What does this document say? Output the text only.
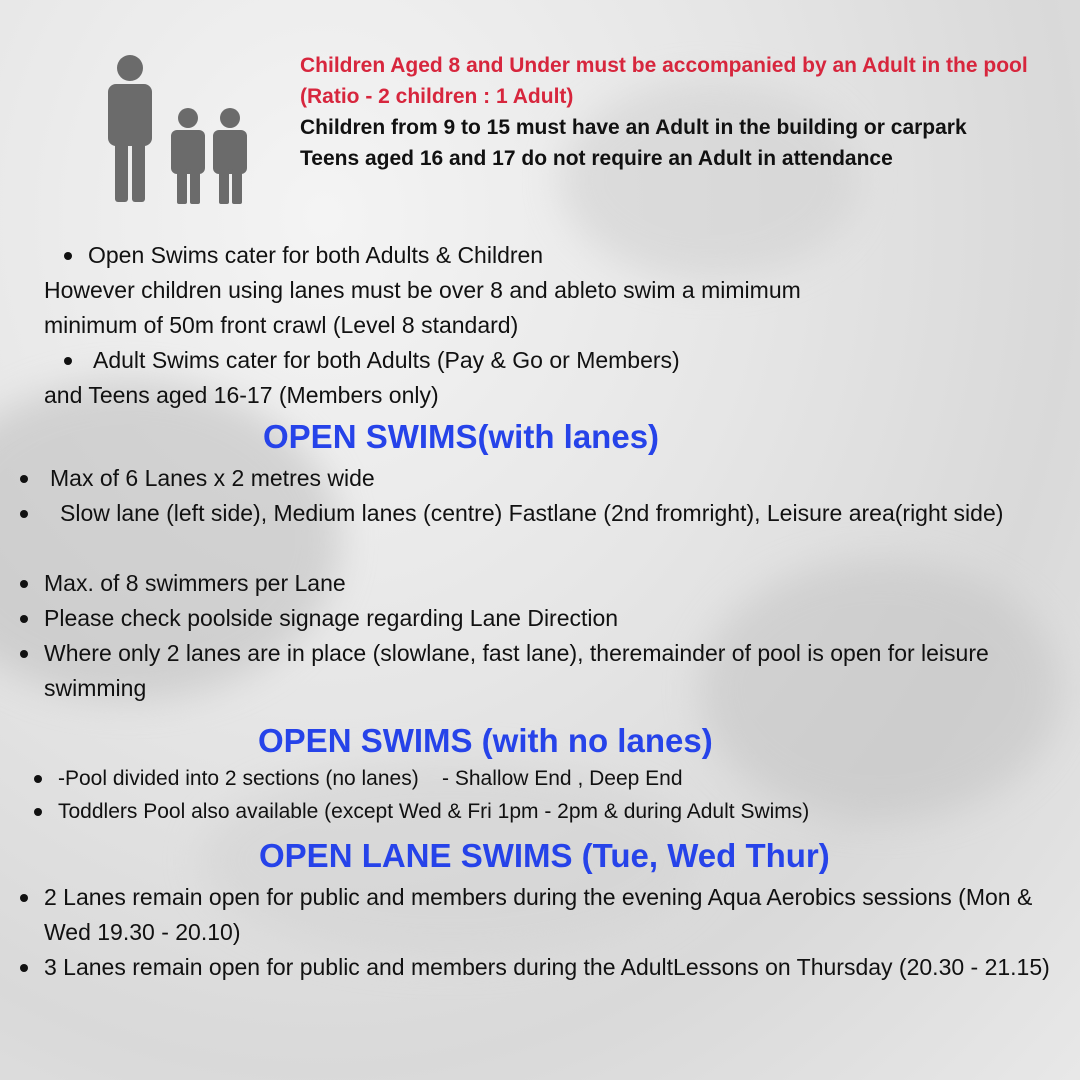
Children Aged 8 and Under must be accompanied by an Adult in the pool
(Ratio - 2 children : 1 Adult)
Children from 9 to 15 must have an Adult in the building or carpark
Teens aged 16 and 17 do not require an Adult in attendance
Open Swims cater for both Adults & Children
However children using lanes must be over 8 and ableto swim a mimimum
minimum of 50m front crawl (Level 8 standard)
Adult Swims cater for both Adults (Pay & Go or Members)
and Teens aged 16-17 (Members only)
OPEN SWIMS(with lanes)
Max of 6 Lanes x 2 metres wide
Slow lane (left side), Medium lanes (centre) Fastlane (2nd fromright), Leisure area(right side)
Max. of 8 swimmers per Lane
Please check poolside signage regarding Lane Direction
Where only 2 lanes are in place (slowlane, fast lane), theremainder of pool is open for leisure swimming
OPEN SWIMS (with no lanes)
-Pool divided into 2 sections (no lanes)    - Shallow End , Deep End
Toddlers Pool also available (except Wed & Fri 1pm - 2pm & during Adult Swims)
OPEN LANE SWIMS (Tue, Wed Thur)
2 Lanes remain open for public and members during the evening Aqua Aerobics sessions (Mon & Wed 19.30 - 20.10)
3 Lanes remain open for public and members during the AdultLessons on Thursday (20.30 - 21.15)
